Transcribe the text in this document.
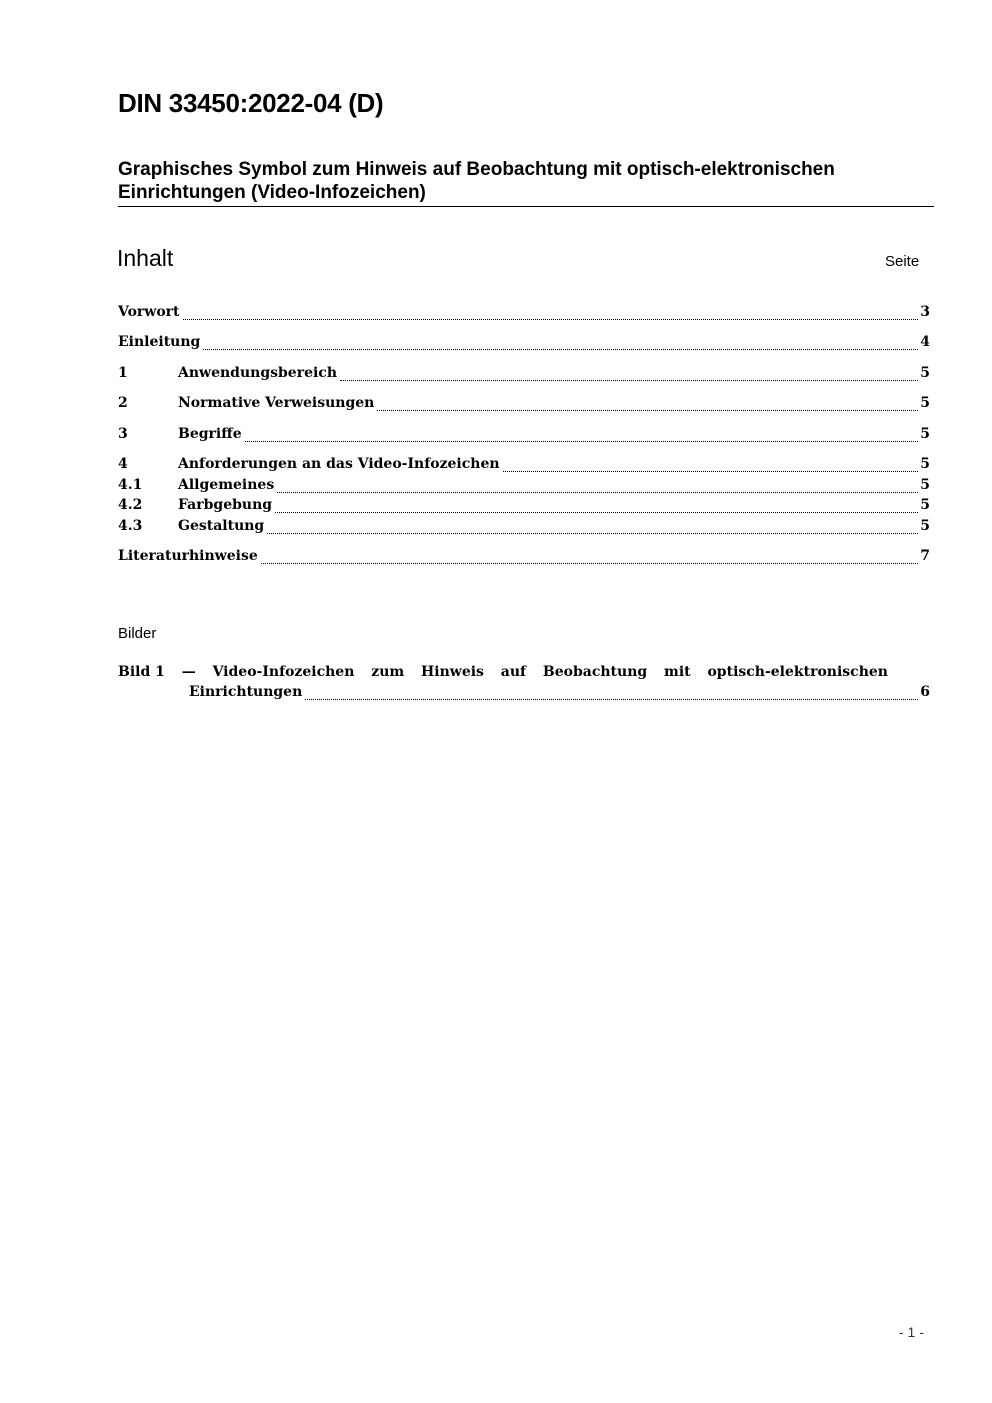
DIN 33450:2022-04 (D)
Graphisches Symbol zum Hinweis auf Beobachtung mit optisch-elektronischen Einrichtungen (Video-Infozeichen)
Inhalt	Seite
Vorwort	3
Einleitung	4
1	Anwendungsbereich	5
2	Normative Verweisungen	5
3	Begriffe	5
4	Anforderungen an das Video-Infozeichen	5
4.1	Allgemeines	5
4.2	Farbgebung	5
4.3	Gestaltung	5
Literaturhinweise	7
Bilder
Bild 1 — Video-Infozeichen zum Hinweis auf Beobachtung mit optisch-elektronischen
Einrichtungen	6
- 1 -
